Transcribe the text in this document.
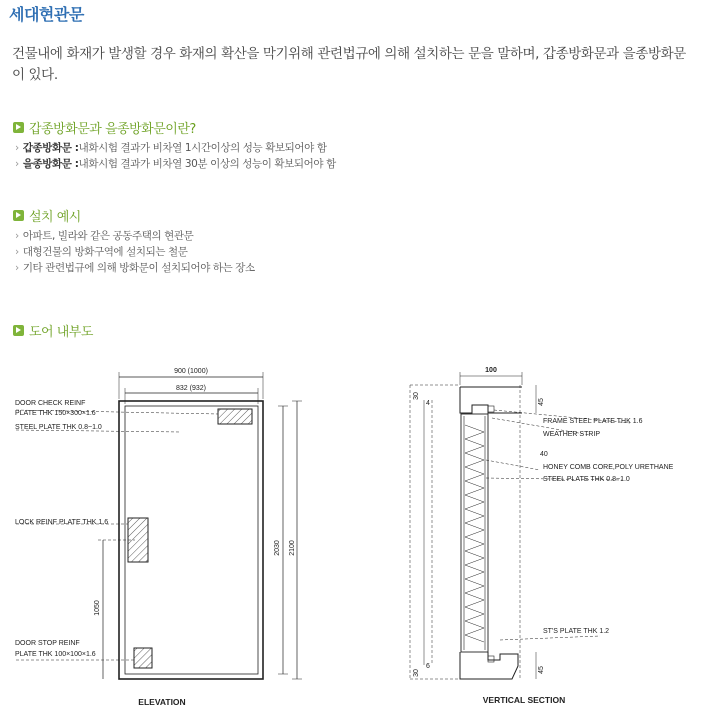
세대현관문
건물내에 화재가 발생할 경우 화재의 확산을 막기위해 관련법규에 의해 설치하는 문을 말하며, 갑종방화문과 을종방화문이 있다.
갑종방화문과 을종방화문이란?
› 갑종방화문 : 내화시험 결과가 비차열 1시간이상의 성능 확보되어야 함
› 을종방화문 : 내화시험 결과가 비차열 30분 이상의 성능이 확보되어야 함
설치 예시
› 아파트, 빌라와 같은 공동주택의 현관문
› 대형건물의 방화구역에 설치되는 철문
› 기타 관련법규에 의해 방화문이 설치되어야 하는 장소
도어 내부도
900 (1000)
832 (932)
2030 2100
1050
DOOR CHECK REINF
PLATE THK 150×300×1.6
STEEL PLATE THK 0.8~1.0
LOCK REINF PLATE THK 1.6
DOOR STOP REINF
PLATE THK 100×100×1.6
ELEVATION
100
30
4	45
40
45
6
30
FRAME STEEL PLATE THK 1.6
WEATHER STRIP
HONEY COMB CORE,POLY URETHANE
STEEL PLATE THK 0.8~1.0
ST'S PLATE THK 1.2
VERTICAL SECTION
